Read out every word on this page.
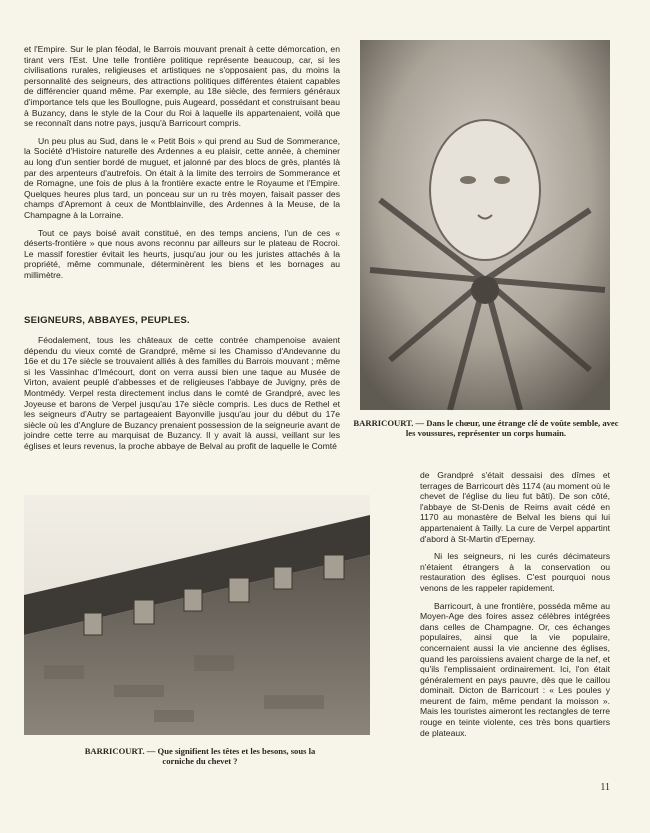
et l'Empire. Sur le plan féodal, le Barrois mouvant prenait à cette démorcation, en tirant vers l'Est. Une telle frontière politique représente beaucoup, car, si les civilisations rurales, religieuses et artistiques ne s'opposaient pas, du moins la personnalité des seigneurs, des attractions politiques différentes étaient capables de différencier quand même. Par exemple, au 18e siècle, des fermiers généraux d'importance tels que les Boullogne, puis Augeard, possédant et construisant beau à Buzancy, dans le style de la Cour du Roi à laquelle ils appartenaient, voilà que se reconnaît dans notre pays, jusqu'à Barricourt compris.

Un peu plus au Sud, dans le « Petit Bois » qui prend au Sud de Sommerance, la Société d'Histoire naturelle des Ardennes a eu plaisir, cette année, à cheminer au long d'un sentier bordé de muguet, et jalonné par des blocs de grès, plantés là par des arpenteurs d'autrefois. On était à la limite des terroirs de Sommerance et de Romagne, une fois de plus à la frontière exacte entre le Royaume et l'Empire. Quelques heures plus tard, un ponceau sur un ru très moyen, faisait passer des champs d'Apremont à ceux de Montblainville, des Ardennes à la Meuse, de la Champagne à la Lorraine.

Tout ce pays boisé avait constitué, en des temps anciens, l'un de ces « déserts-frontière » que nous avons reconnu par ailleurs sur le plateau de Rocroi. Le massif forestier évitait les heurts, jusqu'au jour ou les juristes attachés à la propriété, même communale, déterminèrent les biens et les bornages au millimètre.

SEIGNEURS, ABBAYES, PEUPLES.

Féodalement, tous les châteaux de cette contrée champenoise avaient dépendu du vieux comté de Grandpré, même si les Chamisso d'Andevanne du 16e et du 17e siècle se trouvaient alliés à des familles du Barrois mouvant ; même si les Vassinhac d'Imécourt, dont on verra aussi bien une taque au Musée de Virton, avaient peuplé d'abbesses et de religieuses l'abbaye de Juvigny, près de Montmédy. Verpel resta directement inclus dans le comté de Grandpré, avec les Joyeuse et barons de Verpel jusqu'au 17e siècle compris. Les ducs de Rethel et les seigneurs d'Autry se partageaient Bayonville jusqu'au jour du début du 17e siècle où les d'Anglure de Buzancy prenaient possession de la seigneurie avant de joindre cette terre au marquisat de Buzancy. Il y avait là aussi, veillant sur les églises et leurs revenus, la proche abbaye de Belval au profit de laquelle le Comté

BARRICOURT. — Dans le chœur, une étrange clé de voûte semble, avec les voussures, représenter un corps humain.
BARRICOURT. — Que signifient les têtes et les besons, sous la corniche du chevet ?

de Grandpré s'était dessaisi des dîmes et terrages de Barricourt dès 1174 (au moment où le chevet de l'église du lieu fut bâti). De son côté, l'abbaye de St-Denis de Reims avait cédé en 1170 au monastère de Belval les biens qui lui appartenaient à Tailly. La cure de Verpel appartint d'abord à St-Martin d'Epernay.

Ni les seigneurs, ni les curés décimateurs n'étaient étrangers à la conservation ou restauration des églises. C'est pourquoi nous venons de les rappeler rapidement.

Barricourt, à une frontière, posséda même au Moyen-Age des foires assez célèbres intégrées dans celles de Champagne. Or, ces échanges populaires, ainsi que la vie populaire, concernaient aussi la vie ancienne des églises, quand les paroissiens avaient charge de la nef, et qu'ils l'emplissaient ordinairement. Ici, l'on était généralement en pays pauvre, dès que le caillou dominait. Dicton de Barricourt : « Les poules y meurent de faim, même pendant la moisson ». Mais les touristes aimeront les rectangles de terre rouge en teinte violente, ces très bons quartiers de plateaux.

11
